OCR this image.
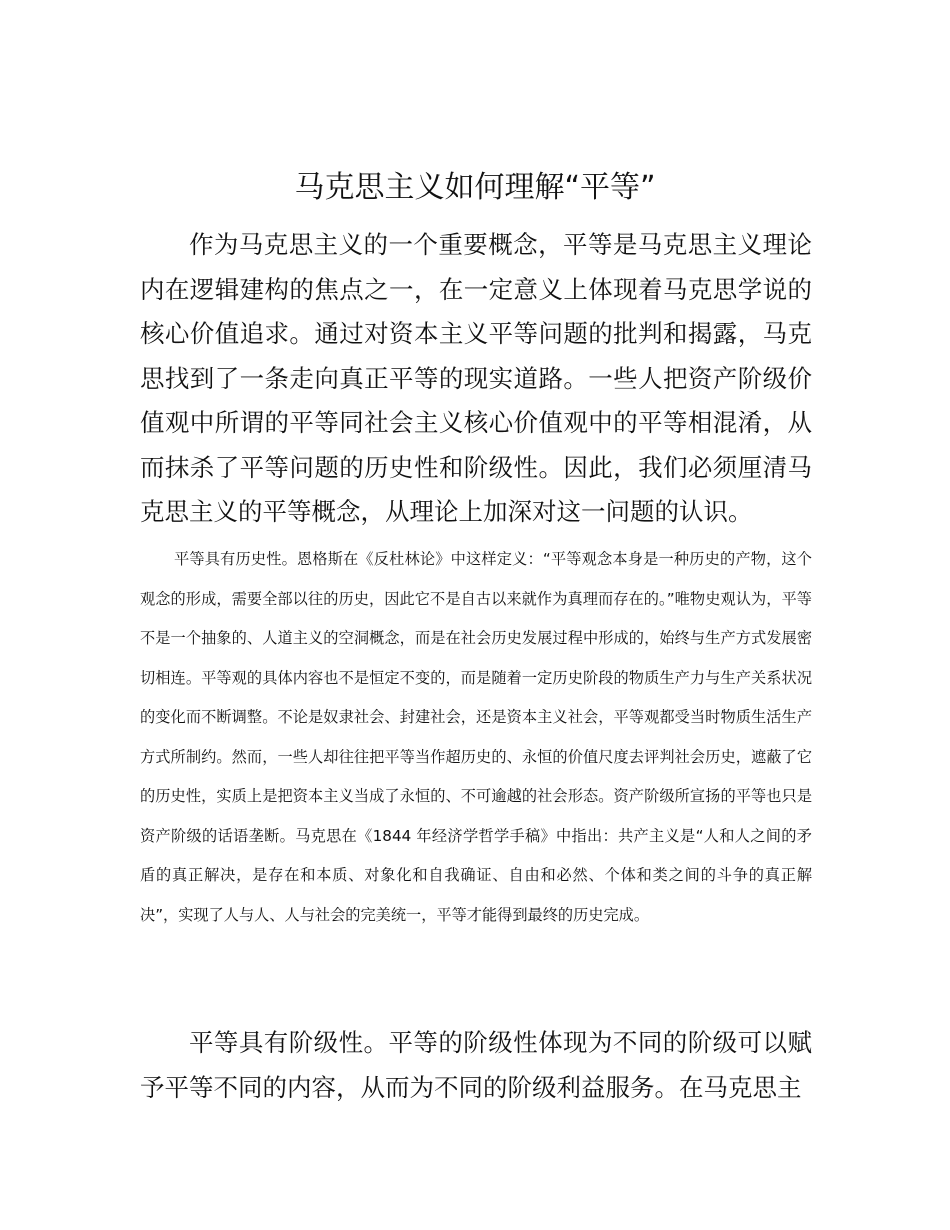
马克思主义如何理解“平等”

作为马克思主义的一个重要概念，平等是马克思主义理论内在逻辑建构的焦点之一，在一定意义上体现着马克思学说的核心价值追求。通过对资本主义平等问题的批判和揭露，马克思找到了一条走向真正平等的现实道路。一些人把资产阶级价值观中所谓的平等同社会主义核心价值观中的平等相混淆，从而抹杀了平等问题的历史性和阶级性。因此，我们必须厘清马克思主义的平等概念，从理论上加深对这一问题的认识。

平等具有历史性。恩格斯在《反杜林论》中这样定义：“平等观念本身是一种历史的产物，这个观念的形成，需要全部以往的历史，因此它不是自古以来就作为真理而存在的。”唯物史观认为，平等不是一个抽象的、人道主义的空洞概念，而是在社会历史发展过程中形成的，始终与生产方式发展密切相连。平等观的具体内容也不是恒定不变的，而是随着一定历史阶段的物质生产力与生产关系状况的变化而不断调整。不论是奴隶社会、封建社会，还是资本主义社会，平等观都受当时物质生活生产方式所制约。然而，一些人却往往把平等当作超历史的、永恒的价值尺度去评判社会历史，遮蔽了它的历史性，实质上是把资本主义当成了永恒的、不可逾越的社会形态。资产阶级所宣扬的平等也只是资产阶级的话语垄断。马克思在《1844 年经济学哲学手稿》中指出：共产主义是“人和人之间的矛盾的真正解决，是存在和本质、对象化和自我确证、自由和必然、个体和类之间的斗争的真正解决”，实现了人与人、人与社会的完美统一，平等才能得到最终的历史完成。

平等具有阶级性。平等的阶级性体现为不同的阶级可以赋予平等不同的内容，从而为不同的阶级利益服务。在马克思主
